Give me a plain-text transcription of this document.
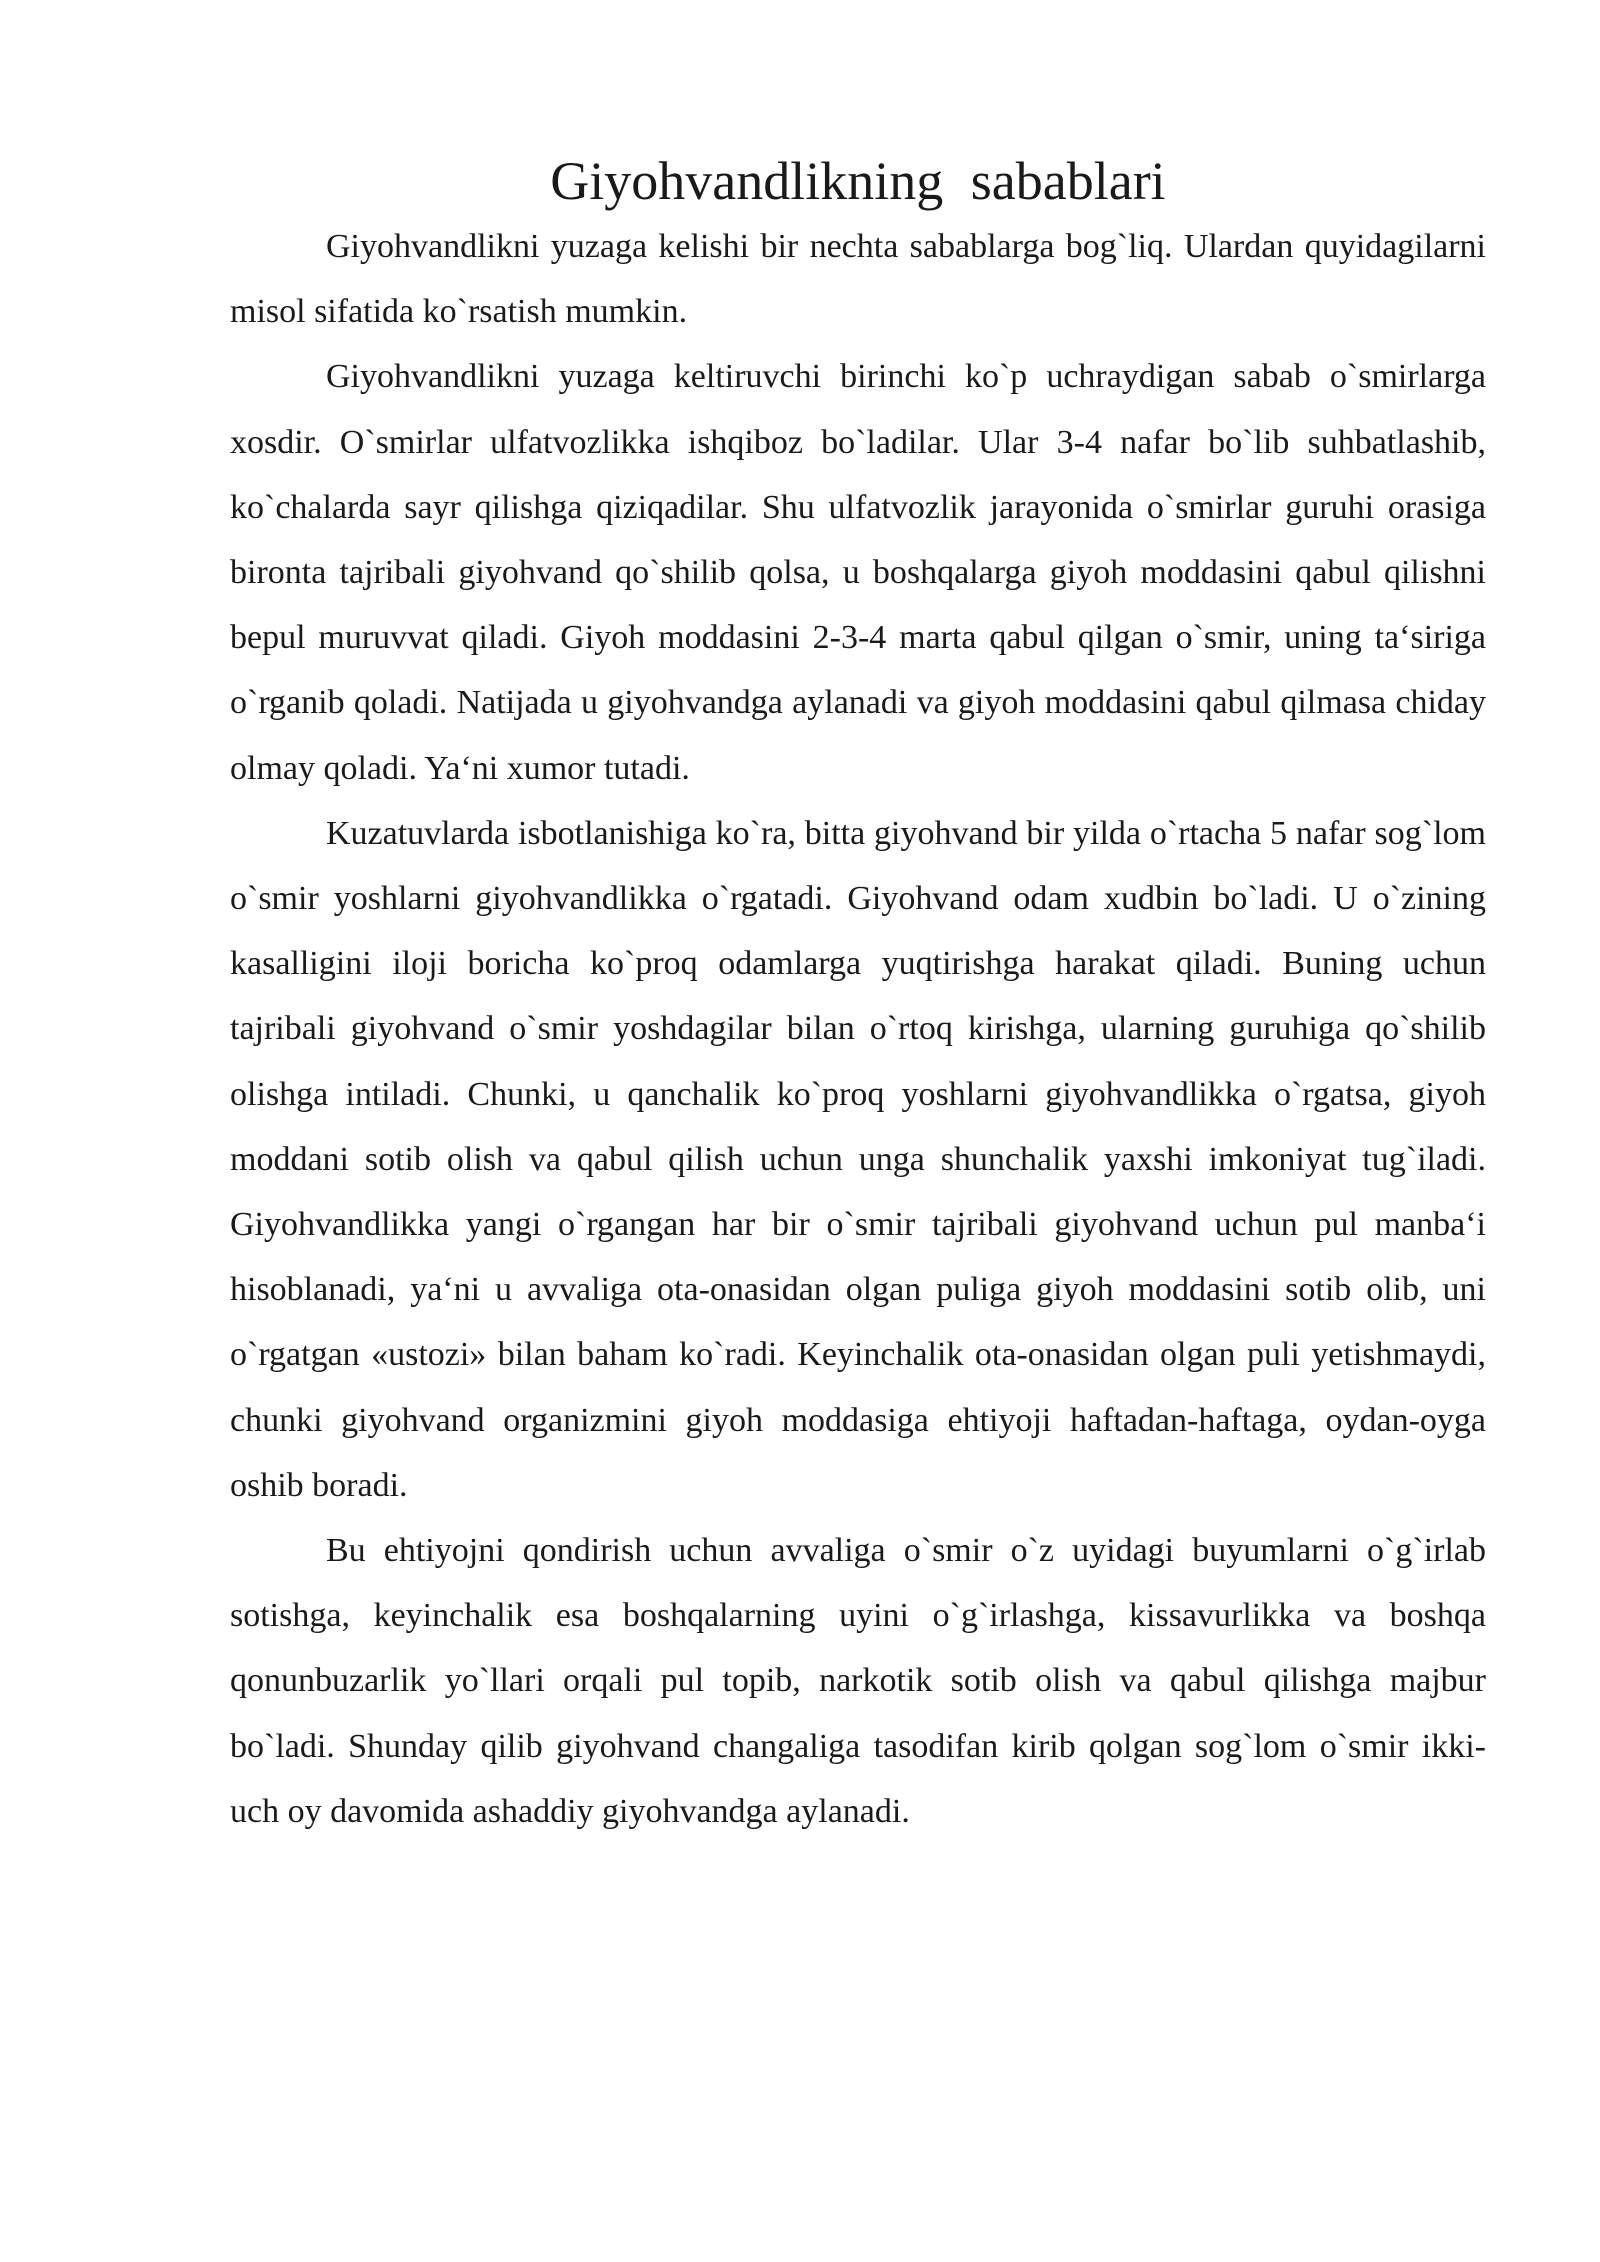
Giyohvandlikning sabablari

Giyohvandlikni yuzaga kelishi bir nechta sabablarga bog`liq. Ulardan quyidagilarni misol sifatida ko`rsatish mumkin.

Giyohvandlikni yuzaga keltiruvchi birinchi ko`p uchraydigan sabab o`smirlarga xosdir. O`smirlar ulfatvozlikka ishqiboz bo`ladilar. Ular 3-4 nafar bo`lib suhbatlashib, ko`chalarda sayr qilishga qiziqadilar. Shu ulfatvozlik jarayonida o`smirlar guruhi orasiga bironta tajribali giyohvand qo`shilib qolsa, u boshqalarga giyoh moddasini qabul qilishni bepul muruvvat qiladi. Giyoh moddasini 2-3-4 marta qabul qilgan o`smir, uning ta‘siriga o`rganib qoladi. Natijada u giyohvandga aylanadi va giyoh moddasini qabul qilmasa chiday olmay qoladi. Ya‘ni xumor tutadi.

Kuzatuvlarda isbotlanishiga ko`ra, bitta giyohvand bir yilda o`rtacha 5 nafar sog`lom o`smir yoshlarni giyohvandlikka o`rgatadi. Giyohvand odam xudbin bo`ladi. U o`zining kasalligini iloji boricha ko`proq odamlarga yuqtirishga harakat qiladi. Buning uchun tajribali giyohvand o`smir yoshdagilar bilan o`rtoq kirishga, ularning guruhiga qo`shilib olishga intiladi. Chunki, u qanchalik ko`proq yoshlarni giyohvandlikka o`rgatsa, giyoh moddani sotib olish va qabul qilish uchun unga shunchalik yaxshi imkoniyat tug`iladi. Giyohvandlikka yangi o`rgangan har bir o`smir tajribali giyohvand uchun pul manba‘i hisoblanadi, ya‘ni u avvaliga ota-onasidan olgan puliga giyoh moddasini sotib olib, uni o`rgatgan «ustozi» bilan baham ko`radi. Keyinchalik ota-onasidan olgan puli yetishmaydi, chunki giyohvand organizmini giyoh moddasiga ehtiyoji haftadan-haftaga, oydan-oyga oshib boradi.

Bu ehtiyojni qondirish uchun avvaliga o`smir o`z uyidagi buyumlarni o`g`irlab sotishga, keyinchalik esa boshqalarning uyini o`g`irlashga, kissavurlikka va boshqa qonunbuzarlik yo`llari orqali pul topib, narkotik sotib olish va qabul qilishga majbur bo`ladi. Shunday qilib giyohvand changaliga tasodifan kirib qolgan sog`lom o`smir ikki-uch oy davomida ashaddiy giyohvandga aylanadi.
